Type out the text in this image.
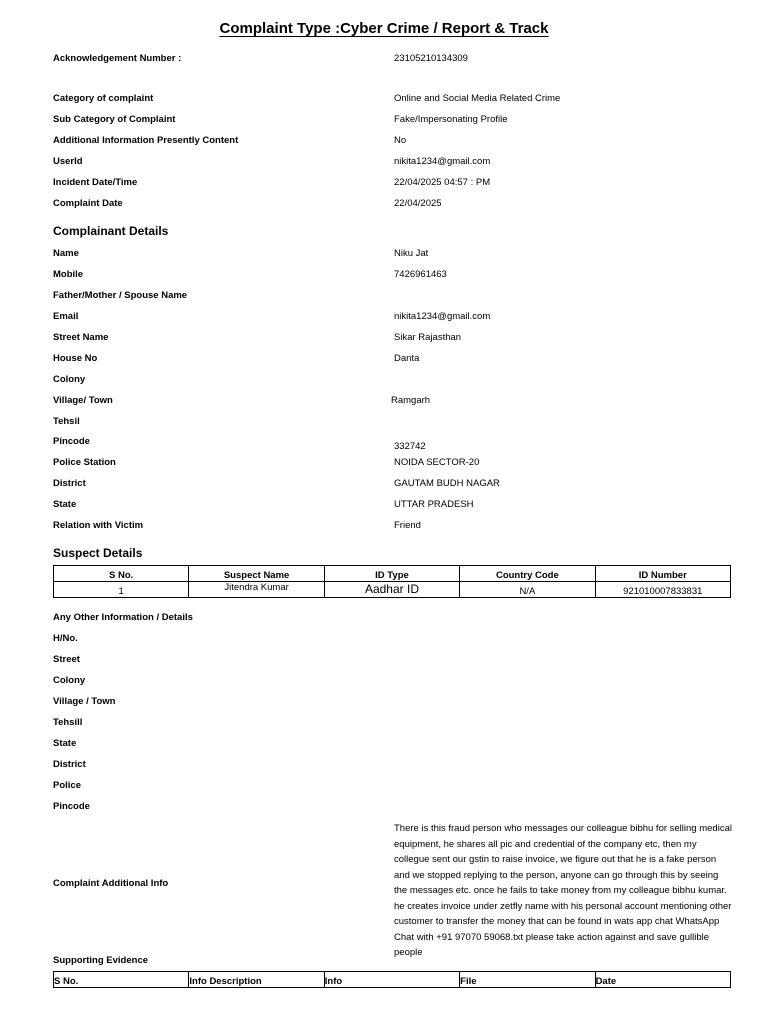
Complaint Type :Cyber Crime / Report & Track
Acknowledgement Number :	23105210134309
Category of complaint	Online and Social Media Related Crime
Sub Category of Complaint	Fake/Impersonating Profile
Additional Information Presently Content	No
UserId	nikita1234@gmail.com
Incident Date/Time	22/04/2025 04:57 : PM
Complaint Date	22/04/2025
Complainant Details
Name	Niku Jat
Mobile	7426961463
Father/Mother / Spouse Name
Email	nikita1234@gmail.com
Street Name	Sikar Rajasthan
House No	Danta
Colony
Village/ Town	Ramgarh
Tehsil
Pincode	332742
Police Station	NOIDA SECTOR-20
District	GAUTAM BUDH NAGAR
State	UTTAR PRADESH
Relation with Victim	Friend
Suspect Details
S No.	Suspect Name	ID Type	Country Code	ID Number
1	Jitendra Kumar	Aadhar ID	N/A	921010007833831
Any Other Information / Details
H/No.
Street
Colony
Village / Town
Tehsill
State
District
Police
Pincode
Complaint Additional Info
There is this fraud person who messages our colleague bibhu for selling medical equipment, he shares all pic and credential of the company etc, then my collegue sent our gstin to raise invoice, we figure out that he is a fake person and we stopped replying to the person, anyone can go through this by seeing the messages etc. once he fails to take money from my colleague bibhu kumar. he creates invoice under zetfly name with his personal account mentioning other customer to transfer the money that can be found in wats app chat WhatsApp Chat with +91 97070 59068.txt please take action against and save gullible people
Supporting Evidence
S No.	Info Description	Info	File	Date
